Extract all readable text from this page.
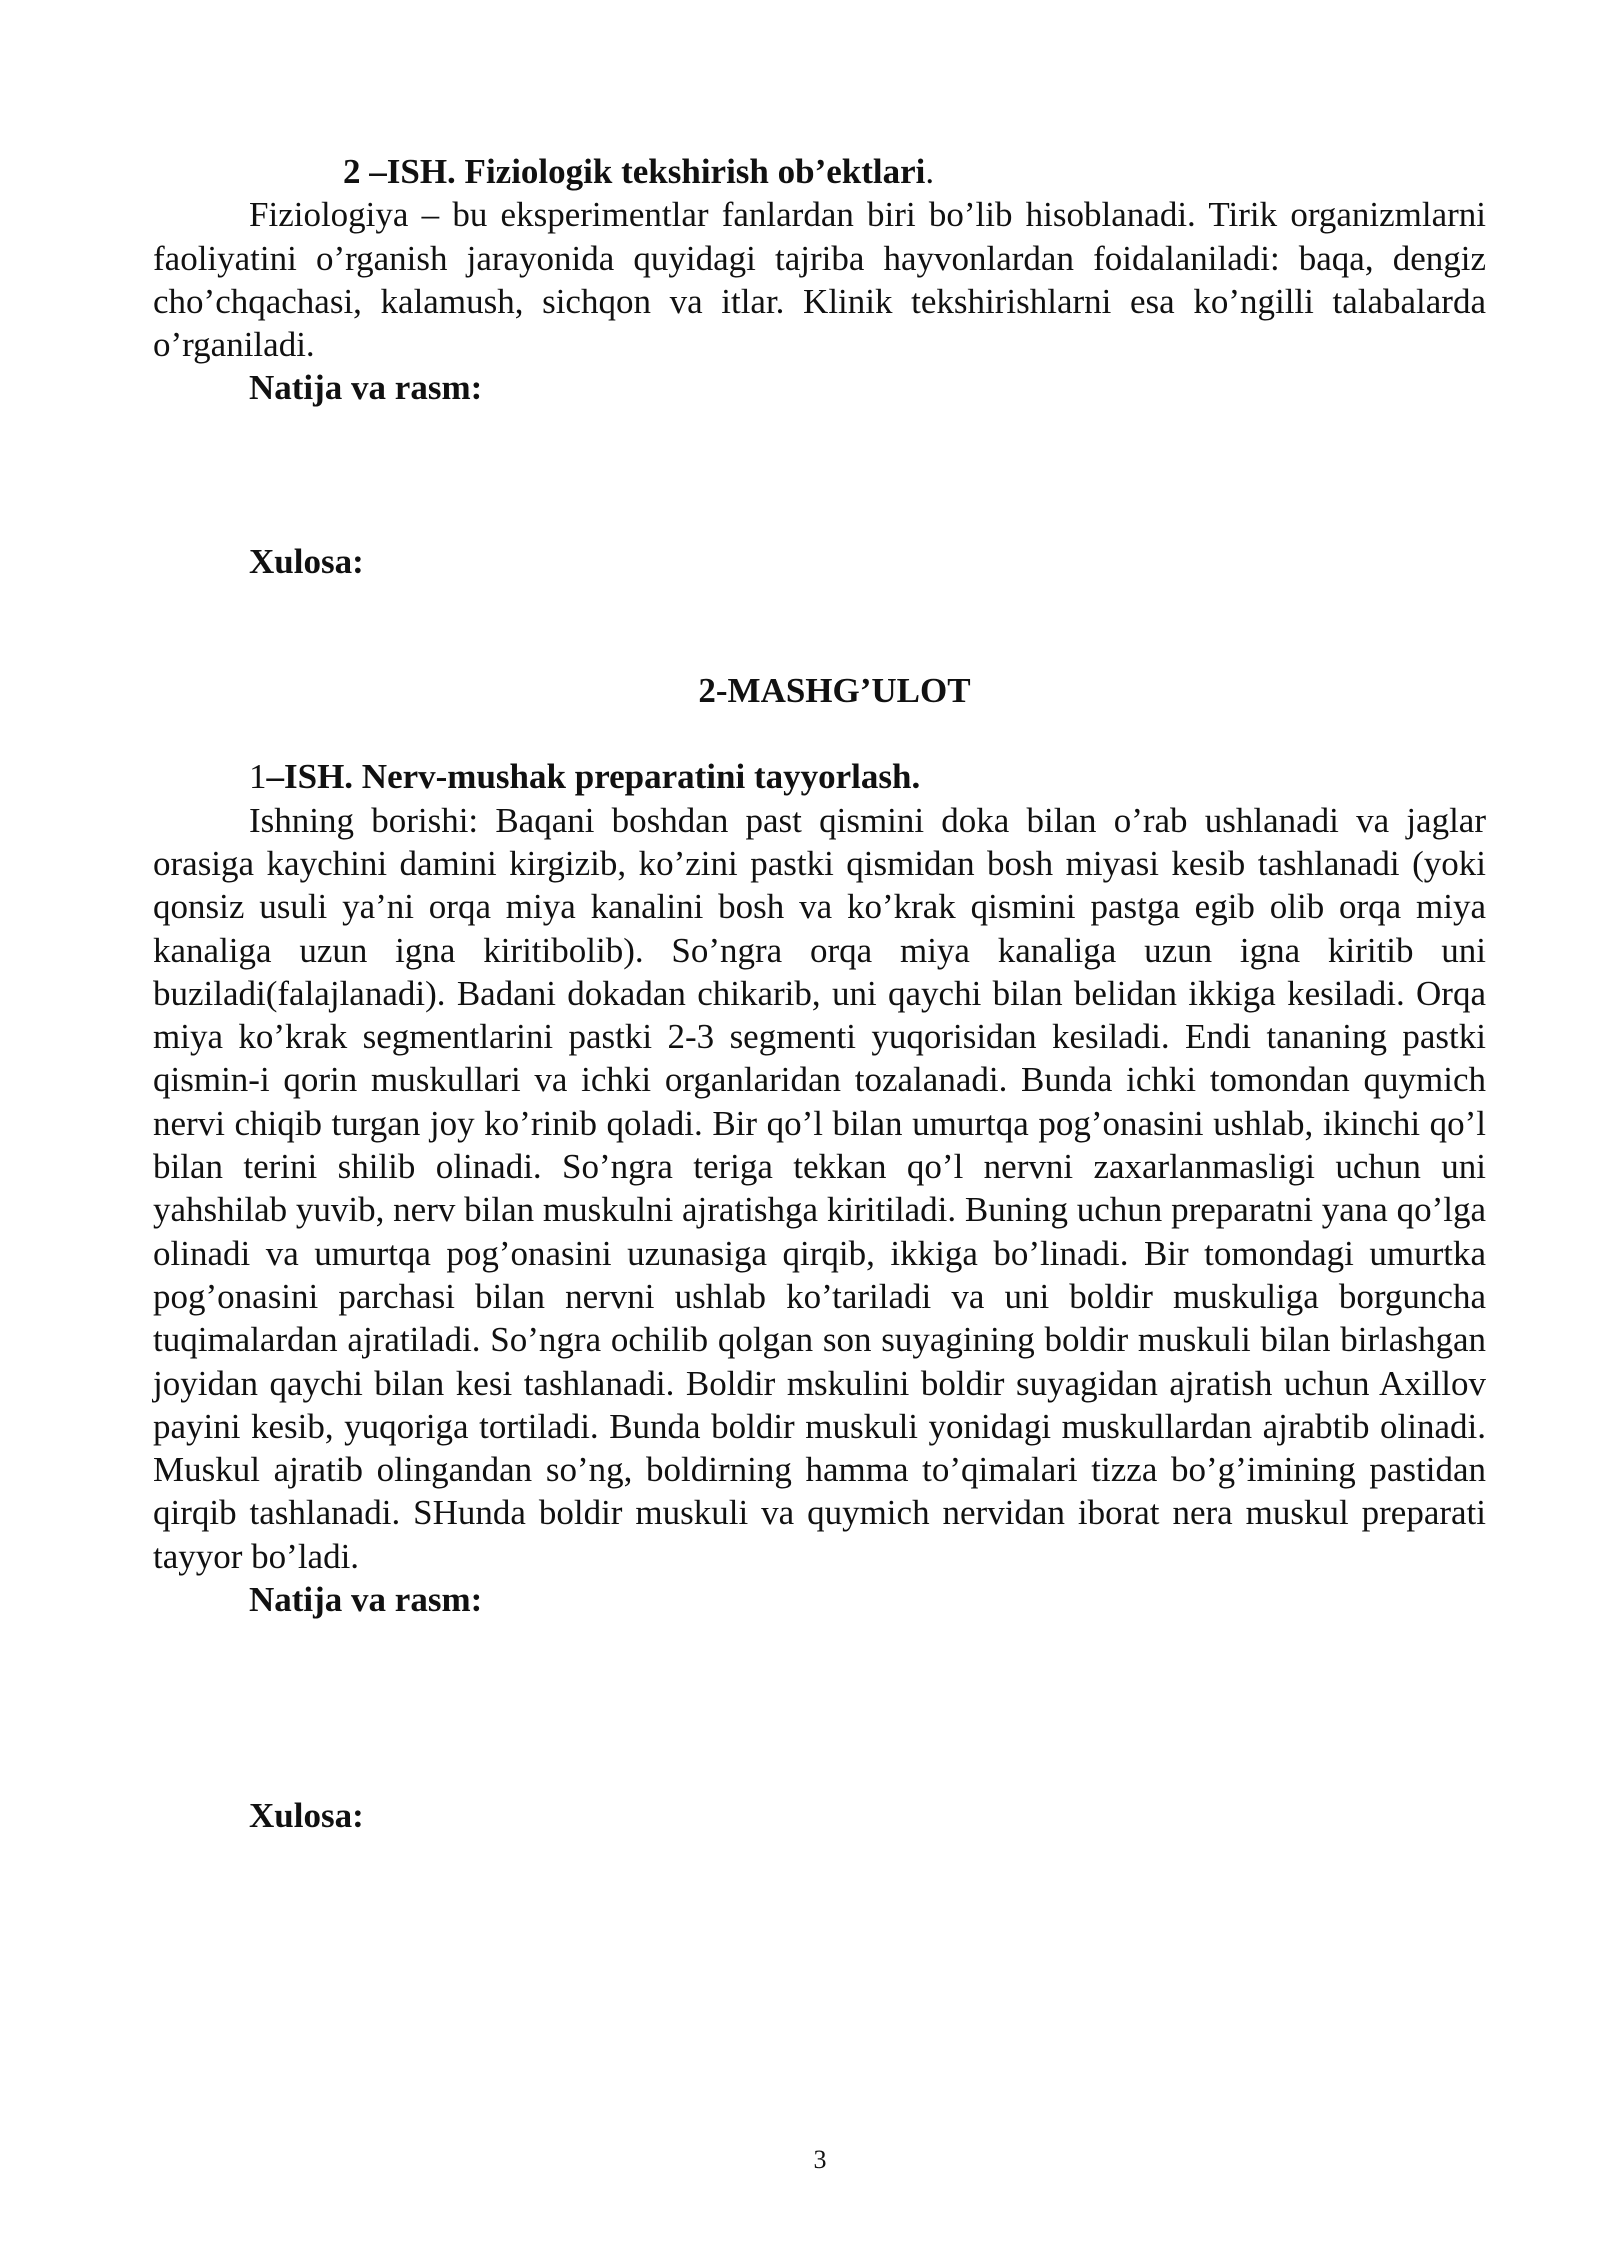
2 –ISH. Fiziologik tekshirish ob’ektlari.

Fiziologiya – bu eksperimentlar fanlardan biri bo’lib hisoblanadi. Tirik organizmlarni faoliyatini o’rganish jarayonida quyidagi tajriba hayvonlardan foidalaniladi: baqa, dengiz cho’chqachasi, kalamush, sichqon va itlar. Klinik tekshirishlarni esa ko’ngilli talabalarda o’rganiladi.

Natija va rasm:

Xulosa:

2-MASHG’ULOT

1–ISH. Nerv-mushak preparatini tayyorlash.

Ishning borishi: Baqani boshdan past qismini doka bilan o’rab ushlanadi va jaglar orasiga kaychini damini kirgizib, ko’zini pastki qismidan bosh miyasi kesib tashlanadi (yoki qonsiz usuli ya’ni orqa miya kanalini bosh va ko’krak qismini pastga egib olib orqa miya kanaliga uzun igna kiritibolib). So’ngra orqa miya kanaliga uzun igna kiritib uni buziladi(falajlanadi). Badani dokadan chikarib, uni qaychi bilan belidan ikkiga kesiladi. Orqa miya ko’krak segmentlarini pastki 2-3 segmenti yuqorisidan kesiladi. Endi tananing pastki qismin-i qorin muskullari va ichki organlaridan tozalanadi. Bunda ichki tomondan quymich nervi chiqib turgan joy ko’rinib qoladi. Bir qo’l bilan umurtqa pog’onasini ushlab, ikinchi qo’l bilan terini shilib olinadi. So’ngra teriga tekkan qo’l nervni zaxarlanmasligi uchun uni yahshilab yuvib, nerv bilan muskulni ajratishga kiritiladi. Buning uchun preparatni yana qo’lga olinadi va umurtqa pog’onasini uzunasiga qirqib, ikkiga bo’linadi. Bir tomondagi umurtka pog’onasini parchasi bilan nervni ushlab ko’tariladi va uni boldir muskuliga borguncha tuqimalardan ajratiladi. So’ngra ochilib qolgan son suyagining boldir muskuli bilan birlashgan joyidan qaychi bilan kesi tashlanadi. Boldir mskulini boldir suyagidan ajratish uchun Axillov payini kesib, yuqoriga tortiladi. Bunda boldir muskuli yonidagi muskullardan ajrabtib olinadi. Muskul ajratib olingandan so’ng, boldirning hamma to’qimalari tizza bo’g’imining pastidan qirqib tashlanadi. SHunda boldir muskuli va quymich nervidan iborat nera muskul preparati tayyor bo’ladi.

Natija va rasm:

Xulosa:

3
